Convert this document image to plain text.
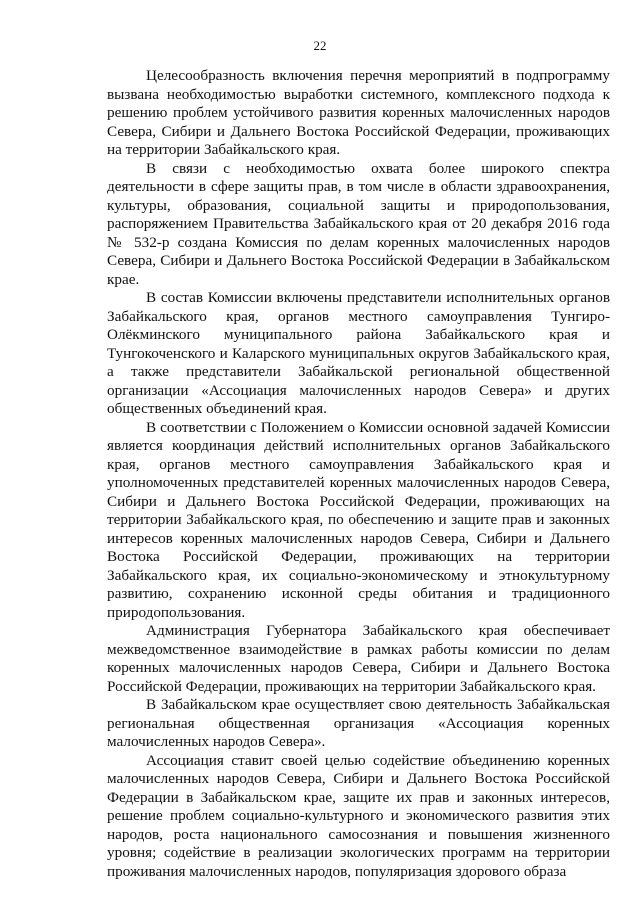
22

Целесообразность включения перечня мероприятий в подпрограмму вызвана необходимостью выработки системного, комплексного подхода к решению проблем устойчивого развития коренных малочисленных народов Севера, Сибири и Дальнего Востока Российской Федерации, проживающих на территории Забайкальского края.

В связи с необходимостью охвата более широкого спектра деятельности в сфере защиты прав, в том числе в области здравоохранения, культуры, образования, социальной защиты и природопользования, распоряжением Правительства Забайкальского края от 20 декабря 2016 года № 532-р создана Комиссия по делам коренных малочисленных народов Севера, Сибири и Дальнего Востока Российской Федерации в Забайкальском крае.

В состав Комиссии включены представители исполнительных органов Забайкальского края, органов местного самоуправления Тунгиро-Олёкминского муниципального района Забайкальского края и Тунгокоченского и Каларского муниципальных округов Забайкальского края, а также представители Забайкальской региональной общественной организации «Ассоциация малочисленных народов Севера» и других общественных объединений края.

В соответствии с Положением о Комиссии основной задачей Комиссии является координация действий исполнительных органов Забайкальского края, органов местного самоуправления Забайкальского края и уполномоченных представителей коренных малочисленных народов Севера, Сибири и Дальнего Востока Российской Федерации, проживающих на территории Забайкальского края, по обеспечению и защите прав и законных интересов коренных малочисленных народов Севера, Сибири и Дальнего Востока Российской Федерации, проживающих на территории Забайкальского края, их социально-экономическому и этнокультурному развитию, сохранению исконной среды обитания и традиционного природопользования.

Администрация Губернатора Забайкальского края обеспечивает межведомственное взаимодействие в рамках работы комиссии по делам коренных малочисленных народов Севера, Сибири и Дальнего Востока Российской Федерации, проживающих на территории Забайкальского края.

В Забайкальском крае осуществляет свою деятельность Забайкальская региональная общественная организация «Ассоциация коренных малочисленных народов Севера».

Ассоциация ставит своей целью содействие объединению коренных малочисленных народов Севера, Сибири и Дальнего Востока Российской Федерации в Забайкальском крае, защите их прав и законных интересов, решение проблем социально-культурного и экономического развития этих народов, роста национального самосознания и повышения жизненного уровня; содействие в реализации экологических программ на территории проживания малочисленных народов, популяризация здорового образа
